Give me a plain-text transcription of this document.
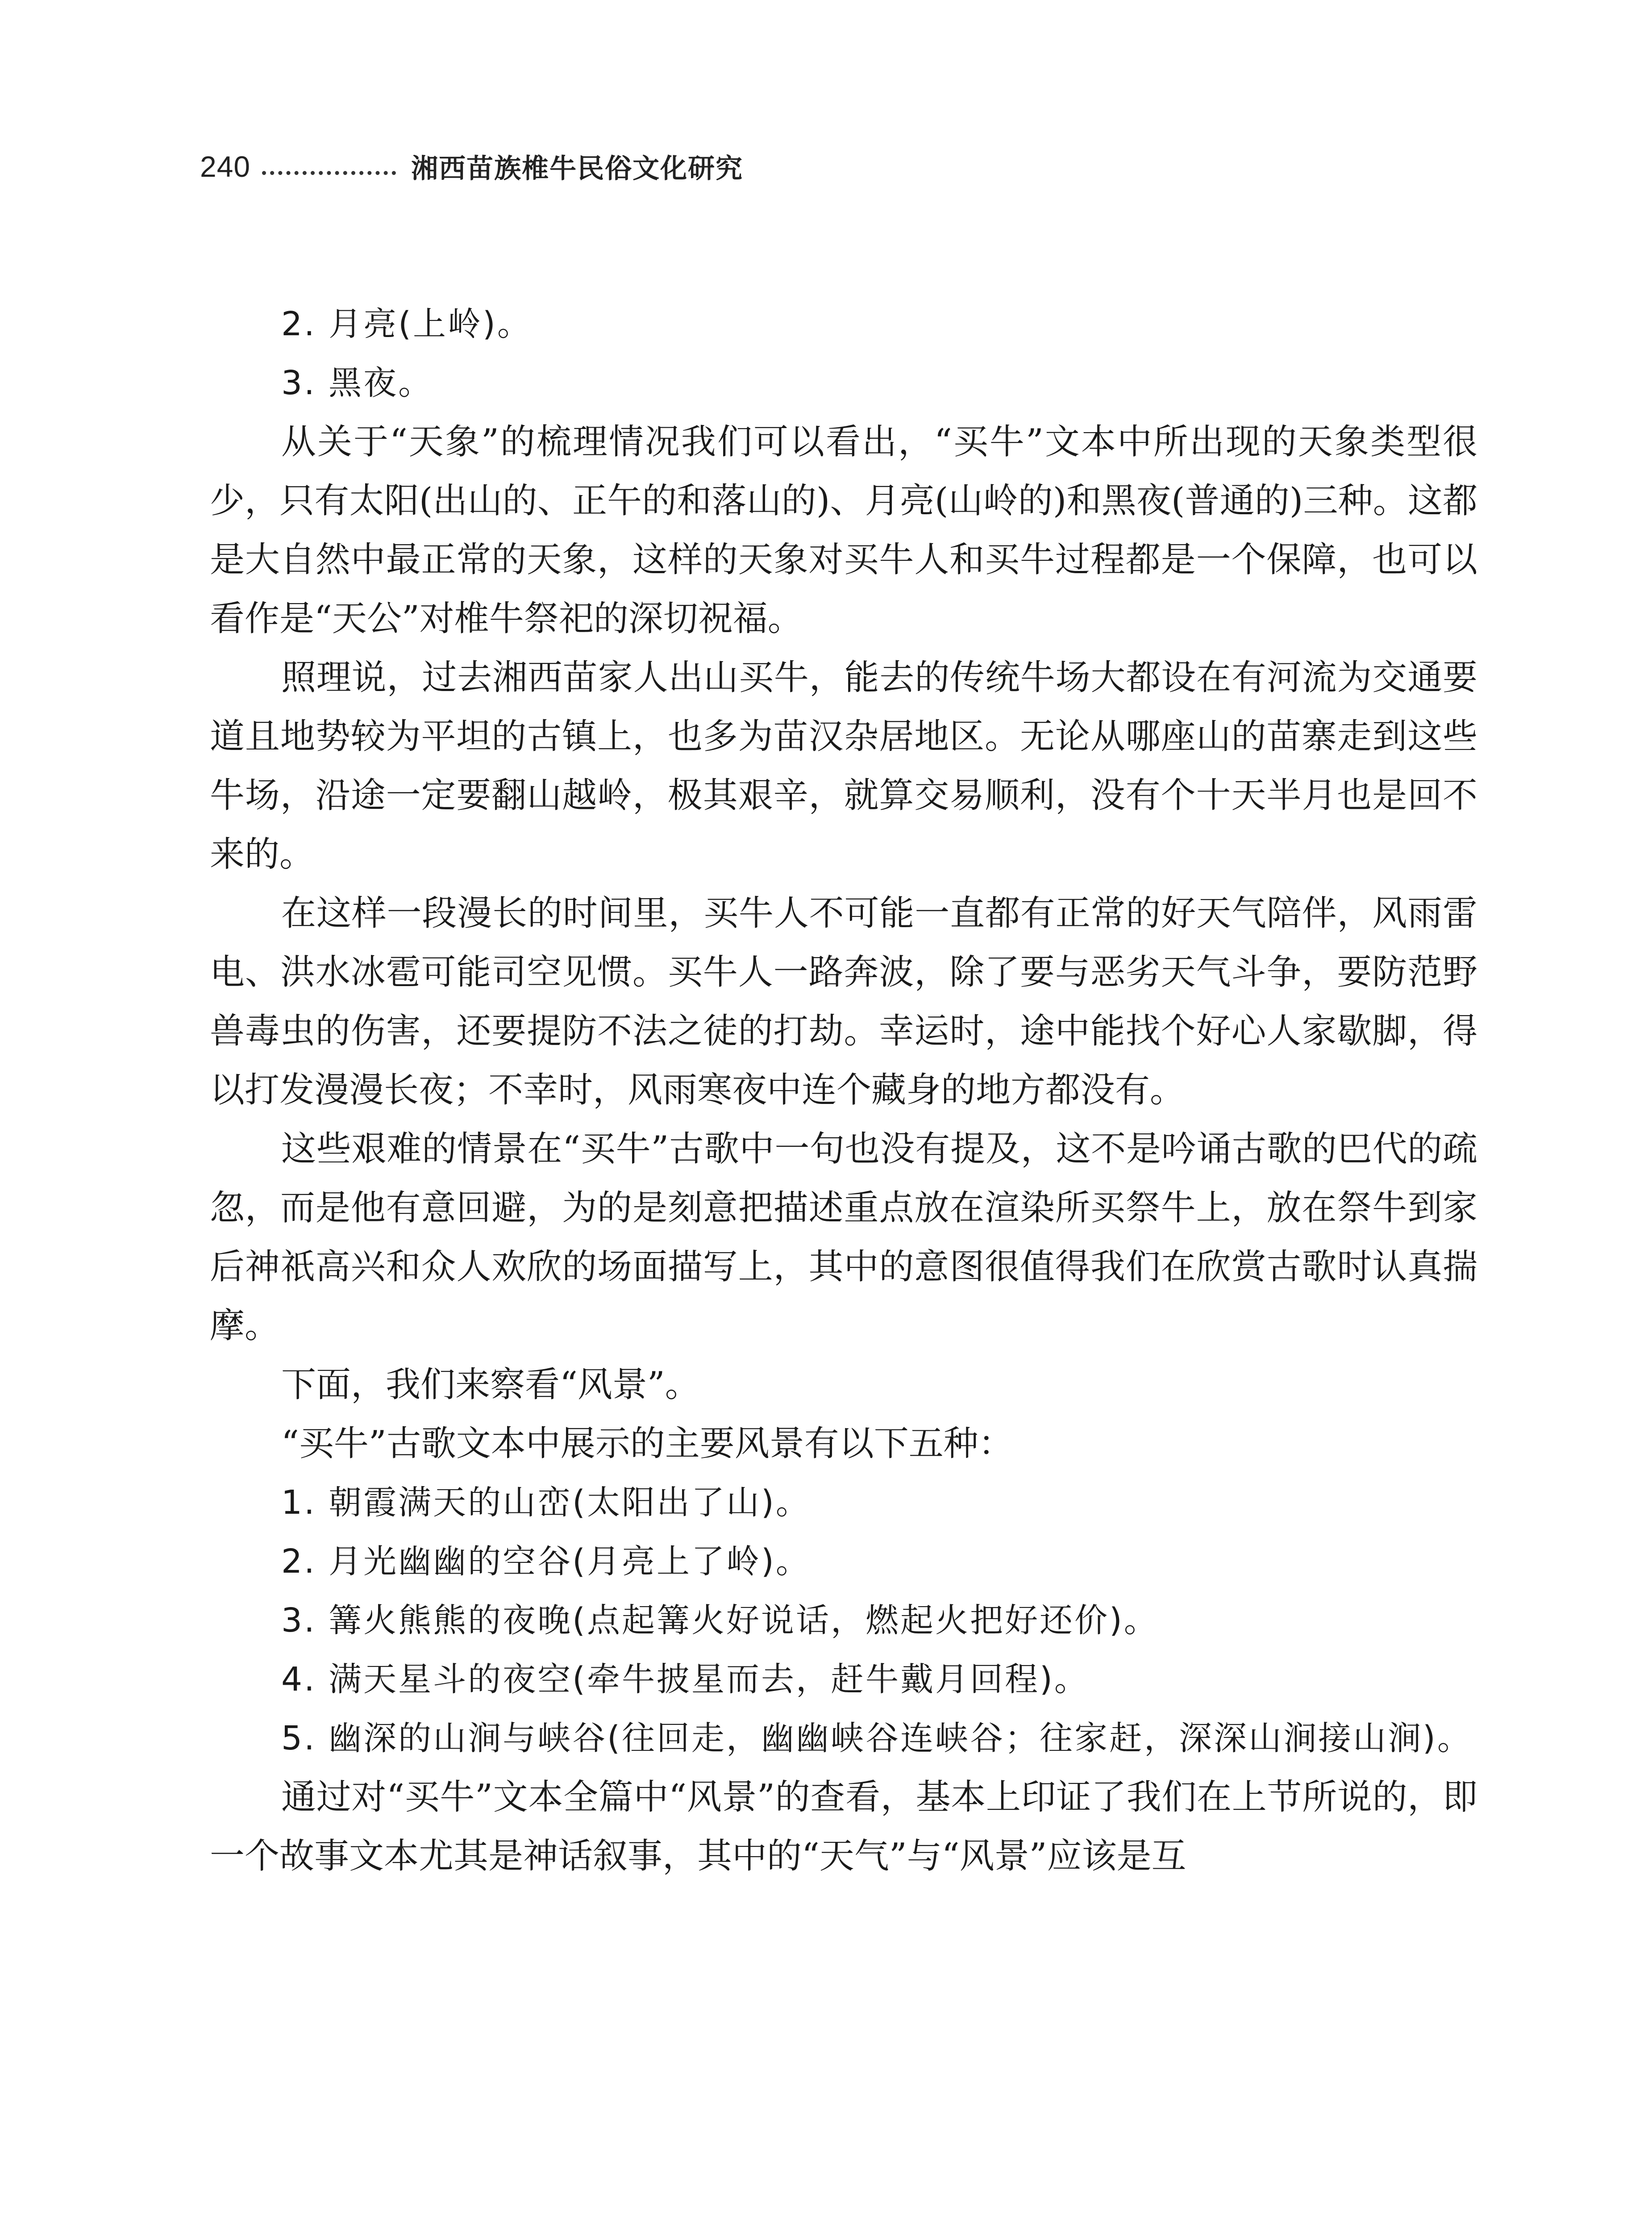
240	湘西苗族椎牛民俗文化研究

2. 月亮(上岭)。

3. 黑夜。

从关于“天象”的梳理情况我们可以看出，“买牛”文本中所出现的天象类型很少，只有太阳(出山的、正午的和落山的)、月亮(山岭的)和黑夜(普通的)三种。这都是大自然中最正常的天象，这样的天象对买牛人和买牛过程都是一个保障，也可以看作是“天公”对椎牛祭祀的深切祝福。

照理说，过去湘西苗家人出山买牛，能去的传统牛场大都设在有河流为交通要道且地势较为平坦的古镇上，也多为苗汉杂居地区。无论从哪座山的苗寨走到这些牛场，沿途一定要翻山越岭，极其艰辛，就算交易顺利，没有个十天半月也是回不来的。

在这样一段漫长的时间里，买牛人不可能一直都有正常的好天气陪伴，风雨雷电、洪水冰雹可能司空见惯。买牛人一路奔波，除了要与恶劣天气斗争，要防范野兽毒虫的伤害，还要提防不法之徒的打劫。幸运时，途中能找个好心人家歇脚，得以打发漫漫长夜；不幸时，风雨寒夜中连个藏身的地方都没有。

这些艰难的情景在“买牛”古歌中一句也没有提及，这不是吟诵古歌的巴代的疏忽，而是他有意回避，为的是刻意把描述重点放在渲染所买祭牛上，放在祭牛到家后神祇高兴和众人欢欣的场面描写上，其中的意图很值得我们在欣赏古歌时认真揣摩。

下面，我们来察看“风景”。

“买牛”古歌文本中展示的主要风景有以下五种：

1. 朝霞满天的山峦(太阳出了山)。

2. 月光幽幽的空谷(月亮上了岭)。

3. 篝火熊熊的夜晚(点起篝火好说话，燃起火把好还价)。

4. 满天星斗的夜空(牵牛披星而去，赶牛戴月回程)。

5. 幽深的山涧与峡谷(往回走，幽幽峡谷连峡谷；往家赶，深深山涧接山涧)。

通过对“买牛”文本全篇中“风景”的查看，基本上印证了我们在上节所说的，即一个故事文本尤其是神话叙事，其中的“天气”与“风景”应该是互
